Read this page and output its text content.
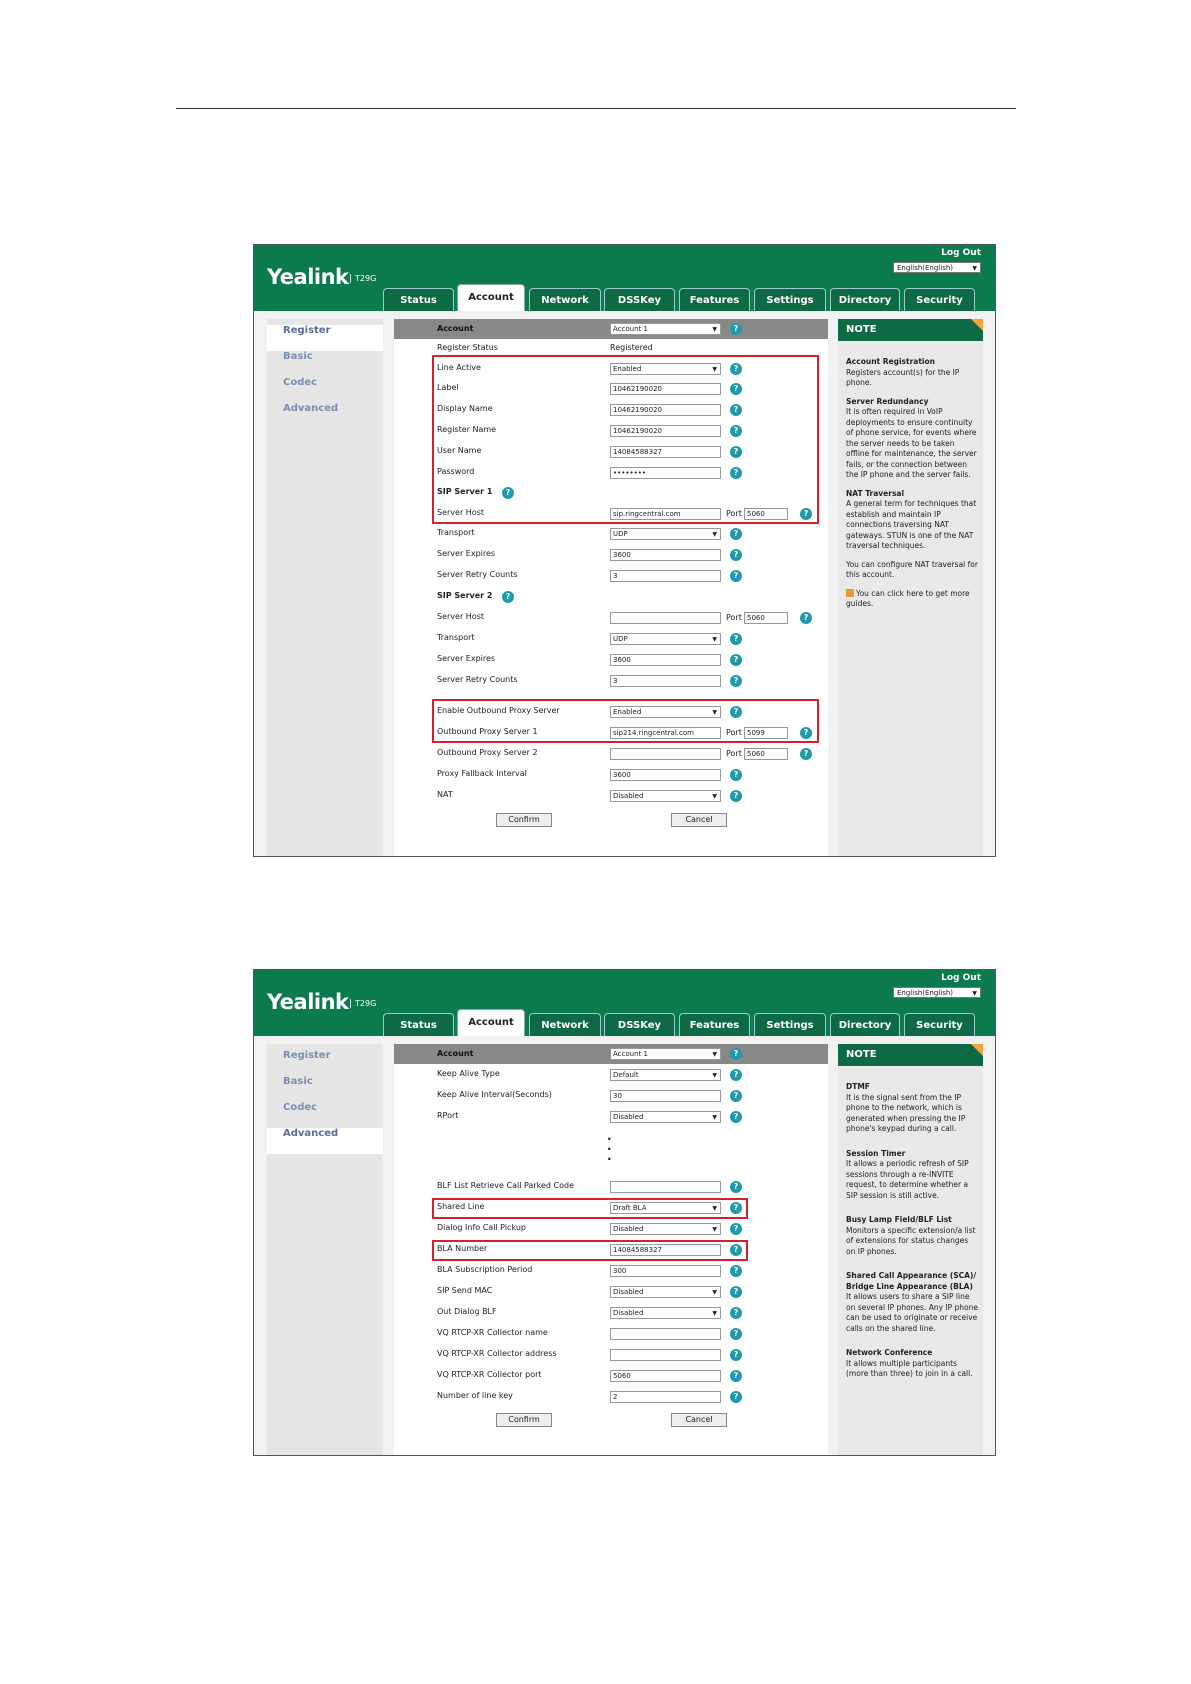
Yealink T29G
Log Out
English(English)	▼
Status	Account	Network	DSSKey	Features	Settings	Directory	Security
Register
Basic
Codec
Advanced
Account	Account 1	▼	?
Register Status	Registered
Line Active	Enabled	▼	?
Label	10462190020	?
Display Name	10462190020	?
Register Name	10462190020	?
User Name	14084588327	?
Password	••••••••	?
SIP Server 1	?
Server Host	sip.ringcentral.com	Port 5060	?
Transport	UDP	▼	?
Server Expires	3600	?
Server Retry Counts	3	?
SIP Server 2	?
Server Host	Port 5060	?
Transport	UDP	▼	?
Server Expires	3600	?
Server Retry Counts	3	?
Enable Outbound Proxy Server	Enabled	▼	?
Outbound Proxy Server 1	sip214.ringcentral.com	Port 5099	?
Outbound Proxy Server 2	Port 5060	?
Proxy Fallback Interval	3600	?
NAT	Disabled	▼	?
Confirm	Cancel
NOTE
Account Registration
Registers account(s) for the IP phone.
Server Redundancy
It is often required in VoIP deployments to ensure continuity of phone service, for events where the server needs to be taken offline for maintenance, the server fails, or the connection between the IP phone and the server fails.
NAT Traversal
A general term for techniques that establish and maintain IP connections traversing NAT gateways. STUN is one of the NAT traversal techniques.
You can configure NAT traversal for this account.
You can click here to get more guides.
Yealink T29G
Log Out
English(English)	▼
Status	Account	Network	DSSKey	Features	Settings	Directory	Security
Register
Basic
Codec
Advanced
Account	Account 1	▼	?
Keep Alive Type	Default	▼	?
Keep Alive Interval(Seconds)	30	?
RPort	Disabled	▼	?
·
·
·
BLF List Retrieve Call Parked Code	?
Shared Line	Draft BLA	▼	?
Dialog Info Call Pickup	Disabled	▼	?
BLA Number	14084588327	?
BLA Subscription Period	300	?
SIP Send MAC	Disabled	▼	?
Out Dialog BLF	Disabled	▼	?
VQ RTCP-XR Collector name	?
VQ RTCP-XR Collector address	?
VQ RTCP-XR Collector port	5060	?
Number of line key	2	?
Confirm	Cancel
NOTE
DTMF
It is the signal sent from the IP phone to the network, which is generated when pressing the IP phone's keypad during a call.
Session Timer
It allows a periodic refresh of SIP sessions through a re-INVITE request, to determine whether a SIP session is still active.
Busy Lamp Field/BLF List
Monitors a specific extension/a list of extensions for status changes on IP phones.
Shared Call Appearance (SCA)/ Bridge Line Appearance (BLA)
It allows users to share a SIP line on several IP phones. Any IP phone can be used to originate or receive calls on the shared line.
Network Conference
It allows multiple participants (more than three) to join in a call.
